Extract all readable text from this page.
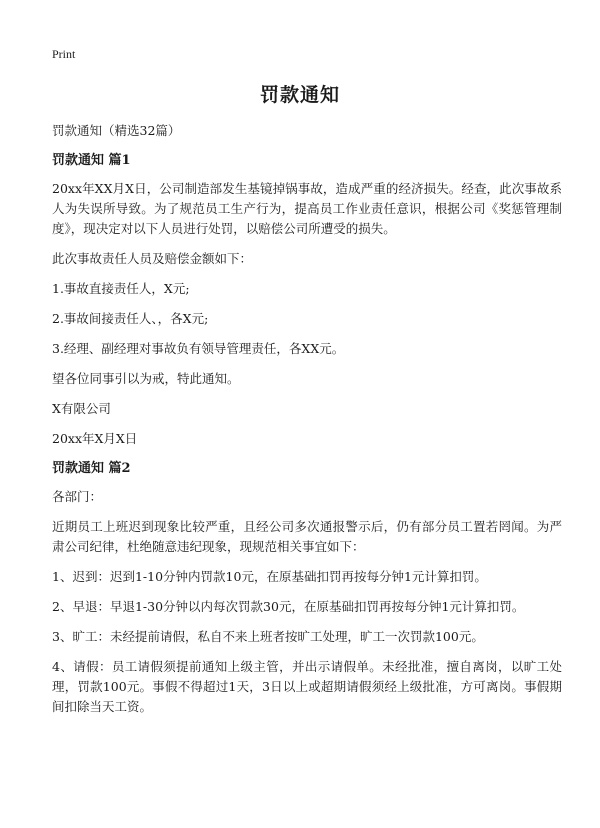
Print
罚款通知

罚款通知（精选32篇）

罚款通知 篇1

20xx年XX月X日，公司制造部发生基镜掉锅事故，造成严重的经济损失。经查，此次事故系人为失误所导致。为了规范员工生产行为，提高员工作业责任意识，根据公司《奖惩管理制度》，现决定对以下人员进行处罚，以赔偿公司所遭受的损失。

此次事故责任人员及赔偿金额如下：

1.事故直接责任人，X元;

2.事故间接责任人、，各X元;

3.经理、副经理对事故负有领导管理责任，各XX元。

望各位同事引以为戒，特此通知。

X有限公司

20xx年X月X日

罚款通知 篇2

各部门：

近期员工上班迟到现象比较严重，且经公司多次通报警示后，仍有部分员工置若罔闻。为严肃公司纪律，杜绝随意违纪现象，现规范相关事宜如下：

1、迟到：迟到1-10分钟内罚款10元，在原基础扣罚再按每分钟1元计算扣罚。

2、早退：早退1-30分钟以内每次罚款30元，在原基础扣罚再按每分钟1元计算扣罚。

3、旷工：未经提前请假，私自不来上班者按旷工处理，旷工一次罚款100元。

4、请假：员工请假须提前通知上级主管，并出示请假单。未经批准，擅自离岗，以旷工处理，罚款100元。事假不得超过1天，3日以上或超期请假须经上级批准，方可离岗。事假期间扣除当天工资。
